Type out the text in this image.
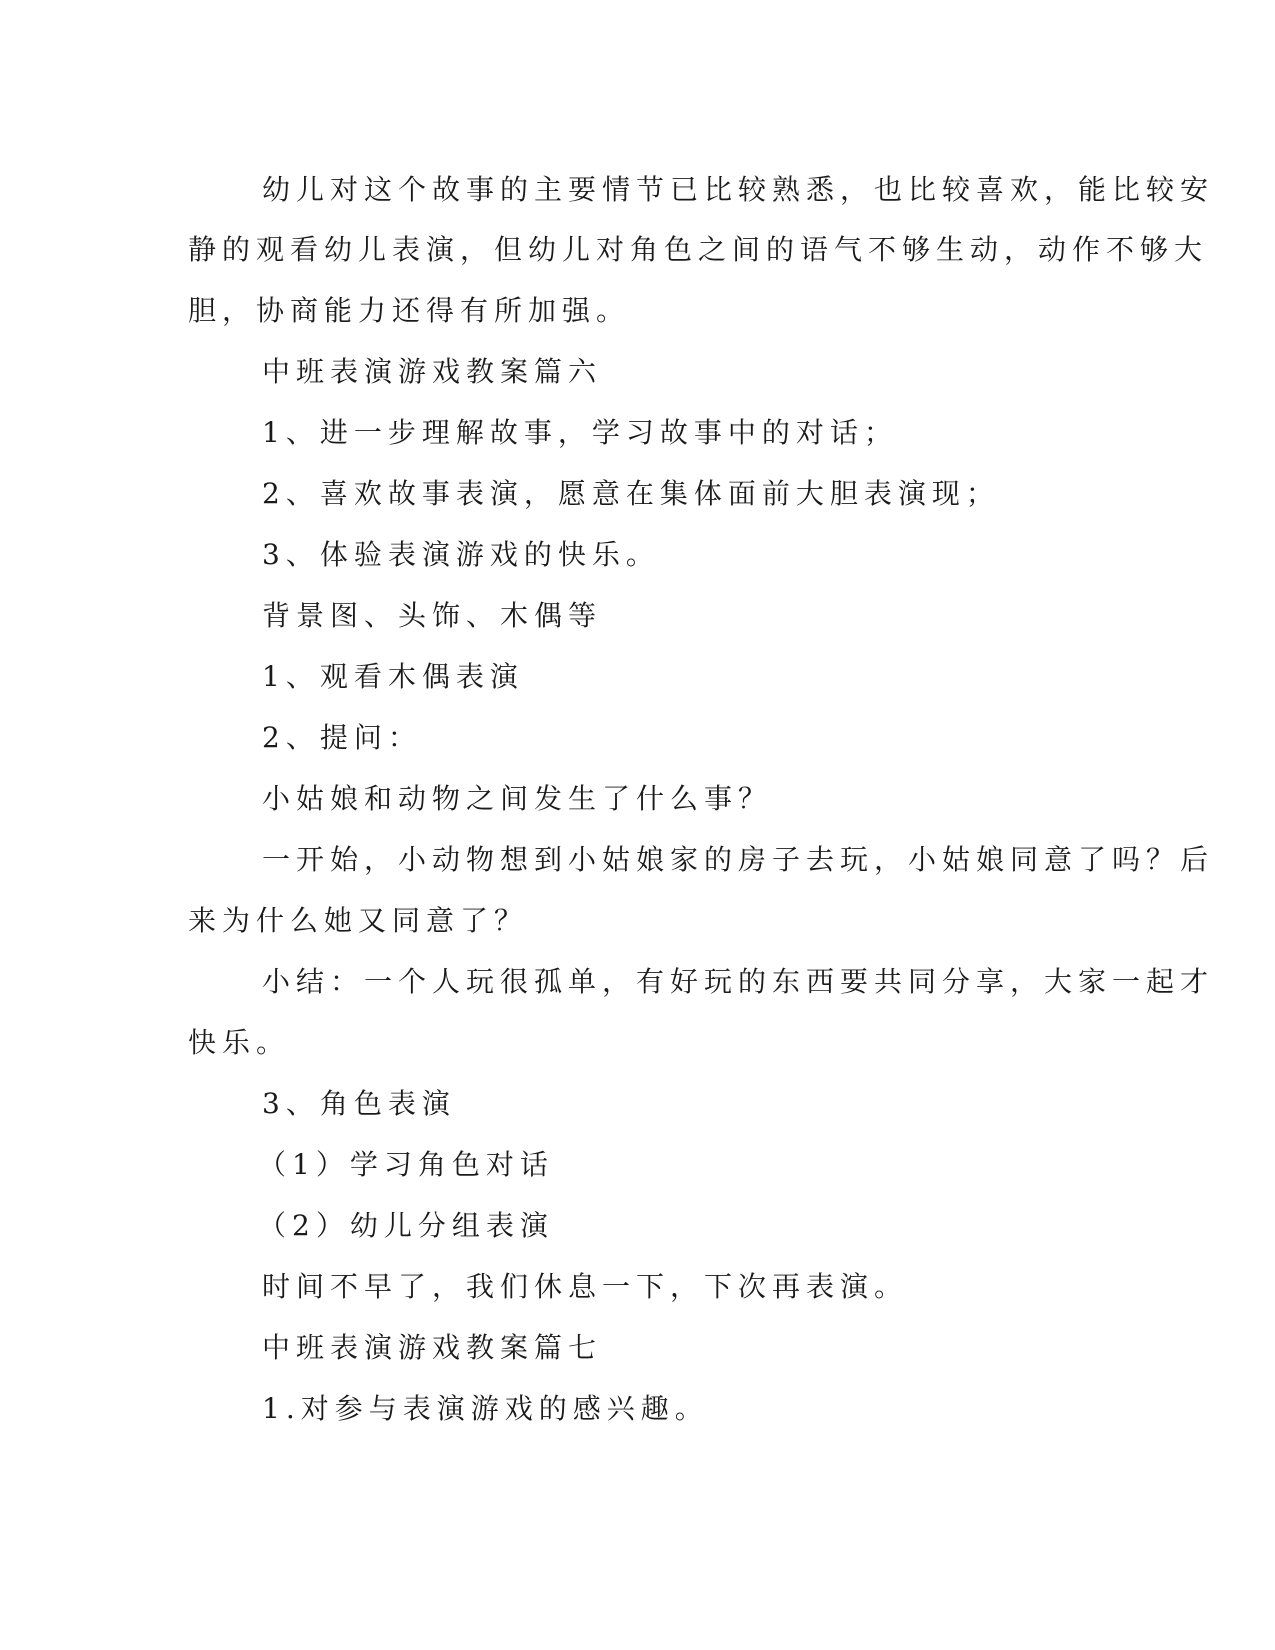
幼儿对这个故事的主要情节已比较熟悉，也比较喜欢，能比较安
静的观看幼儿表演，但幼儿对角色之间的语气不够生动，动作不够大
胆，协商能力还得有所加强。
中班表演游戏教案篇六
1、进一步理解故事，学习故事中的对话；
2、喜欢故事表演，愿意在集体面前大胆表演现；
3、体验表演游戏的快乐。
背景图、头饰、木偶等
1、观看木偶表演
2、提问：
小姑娘和动物之间发生了什么事？
一开始，小动物想到小姑娘家的房子去玩，小姑娘同意了吗？后
来为什么她又同意了？
小结：一个人玩很孤单，有好玩的东西要共同分享，大家一起才
快乐。
3、角色表演
（1）学习角色对话
（2）幼儿分组表演
时间不早了，我们休息一下，下次再表演。
中班表演游戏教案篇七
1.对参与表演游戏的感兴趣。
